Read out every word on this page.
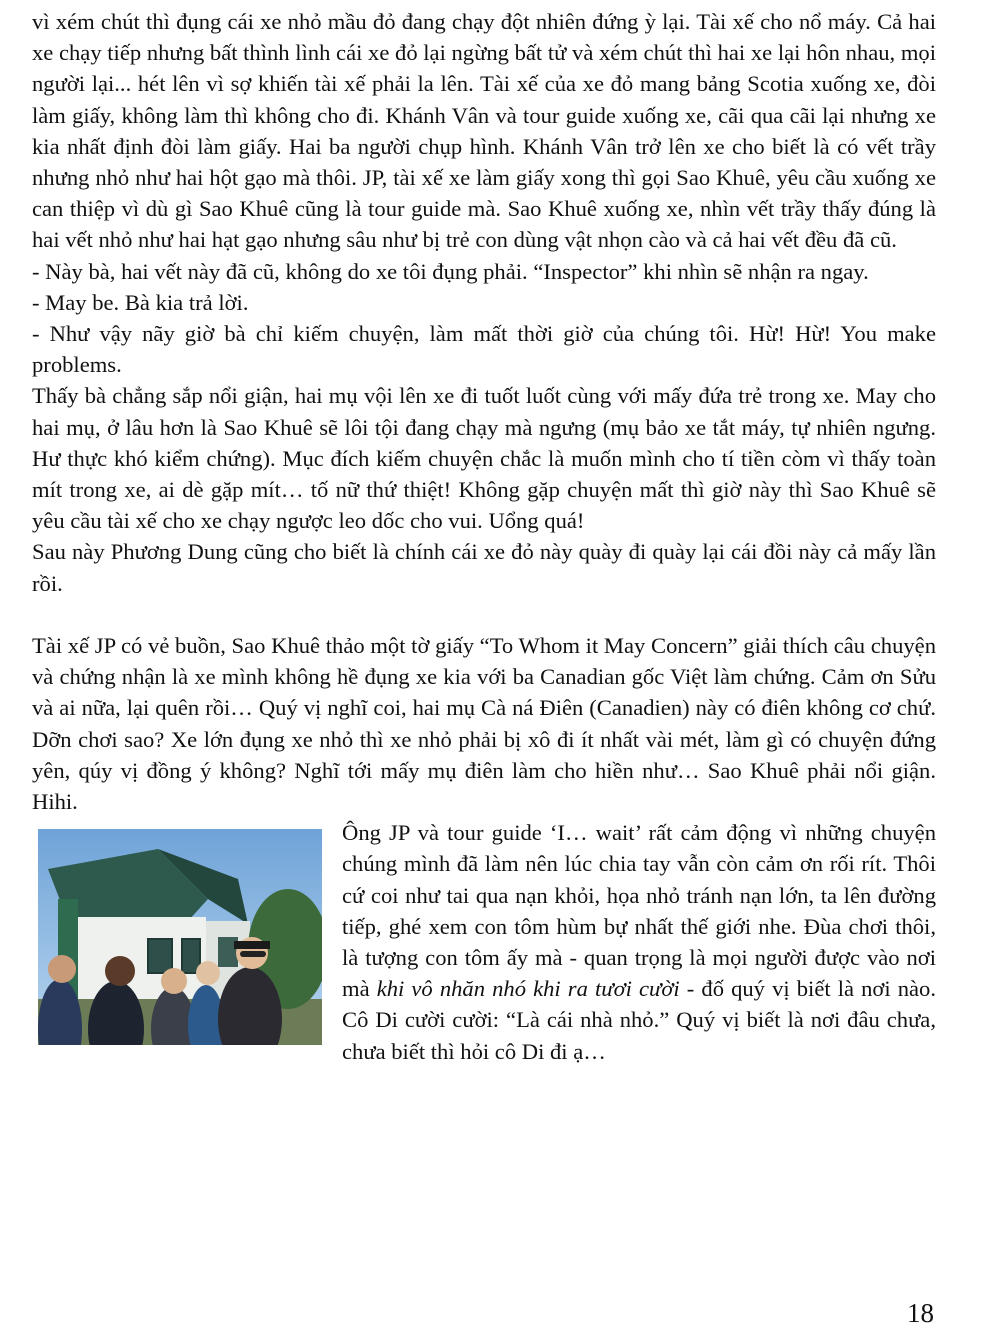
vì xém chút thì đụng cái xe nhỏ mầu đỏ đang chạy đột nhiên đứng ỳ lại. Tài xế cho nổ máy. Cả hai xe chạy tiếp nhưng bất thình lình cái xe đỏ lại ngừng bất tử và xém chút thì hai xe lại hôn nhau, mọi người lại... hét lên vì sợ khiến tài xế phải la lên. Tài xế của xe đỏ mang bảng Scotia xuống xe, đòi làm giấy, không làm thì không cho đi. Khánh Vân và tour guide xuống xe, cãi qua cãi lại nhưng xe kia nhất định đòi làm giấy. Hai ba người chụp hình. Khánh Vân trở lên xe cho biết là có vết trầy nhưng nhỏ như hai hột gạo mà thôi. JP, tài xế xe làm giấy xong thì gọi Sao Khuê, yêu cầu xuống xe can thiệp vì dù gì Sao Khuê cũng là tour guide mà. Sao Khuê xuống xe, nhìn vết trầy thấy đúng là hai vết nhỏ như hai hạt gạo nhưng sâu như bị trẻ con dùng vật nhọn cào và cả hai vết đều đã cũ.

- Này bà, hai vết này đã cũ, không do xe tôi đụng phải. “Inspector” khi nhìn sẽ nhận ra ngay.

- May be. Bà kia trả lời.

- Như vậy nãy giờ bà chỉ kiếm chuyện, làm mất thời giờ của chúng tôi. Hừ! Hừ! You make problems.

Thấy bà chẳng sắp nổi giận, hai mụ vội lên xe đi tuốt luốt cùng với mấy đứa trẻ trong xe. May cho hai mụ, ở lâu hơn là Sao Khuê sẽ lôi tội đang chạy mà ngưng (mụ bảo xe tắt máy, tự nhiên ngưng. Hư thực khó kiểm chứng). Mục đích kiếm chuyện chắc là muốn mình cho tí tiền còm vì thấy toàn mít trong xe, ai dè gặp mít… tố nữ thứ thiệt! Không gặp chuyện mất thì giờ này thì Sao Khuê sẽ yêu cầu tài xế cho xe chạy ngược leo dốc cho vui. Uổng quá!

Sau này Phương Dung cũng cho biết là chính cái xe đỏ này quày đi quày lại cái đồi này cả mấy lần rồi.

Tài xế JP có vẻ buồn, Sao Khuê thảo một tờ giấy “To Whom it May Concern” giải thích câu chuyện và chứng nhận là xe mình không hề đụng xe kia với ba Canadian gốc Việt làm chứng. Cảm ơn Sửu và ai nữa, lại quên rồi… Quý vị nghĩ coi, hai mụ Cà ná Điên (Canadien) này có điên không cơ chứ. Dỡn chơi sao? Xe lớn đụng xe nhỏ thì xe nhỏ phải bị xô đi ít nhất vài mét, làm gì có chuyện đứng yên, qúy vị đồng ý không? Nghĩ tới mấy mụ điên làm cho hiền như… Sao Khuê phải nổi giận. Hihi.

Ông JP và tour guide ‘I… wait’ rất cảm động vì những chuyện chúng mình đã làm nên lúc chia tay vẫn còn cảm ơn rối rít. Thôi cứ coi như tai qua nạn khỏi, họa nhỏ tránh nạn lớn, ta lên đường tiếp, ghé xem con tôm hùm bự nhất thế giới nhe. Đùa chơi thôi, là tượng con tôm ấy mà - quan trọng là mọi người được vào nơi mà khi vô nhăn nhó khi ra tươi cười - đố quý vị biết là nơi nào. Cô Di cười cười: “Là cái nhà nhỏ.” Quý vị biết là nơi đâu chưa, chưa biết thì hỏi cô Di đi ạ…

18
